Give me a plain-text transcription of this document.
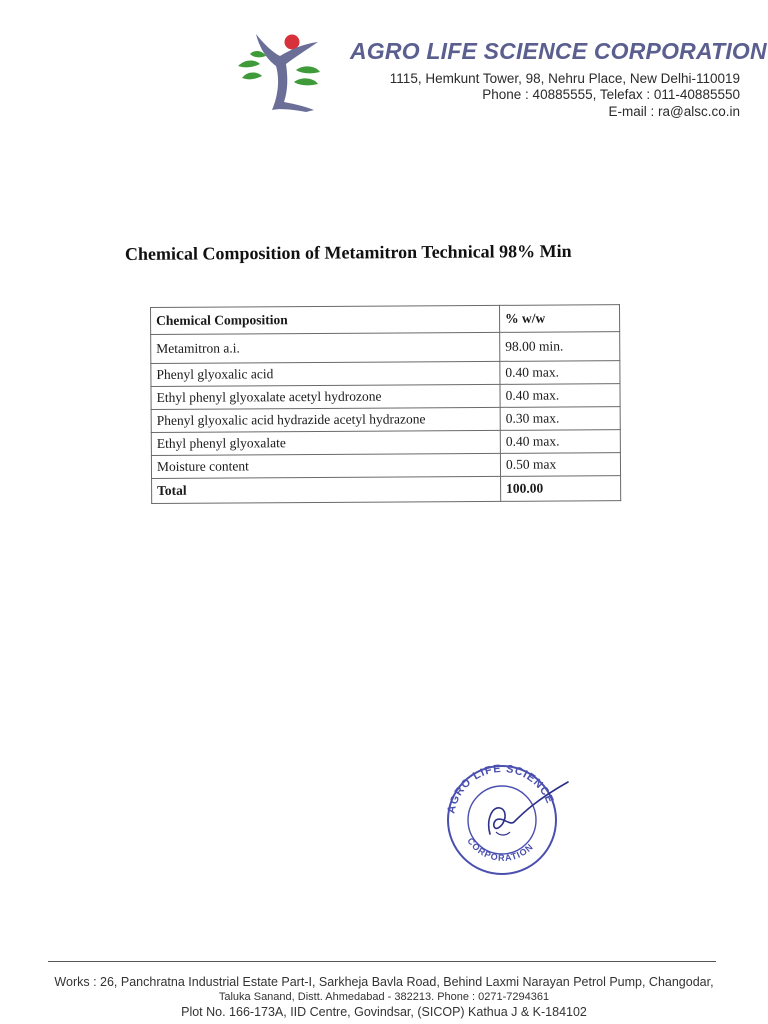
AGRO LIFE SCIENCE CORPORATION
1115, Hemkunt Tower, 98, Nehru Place, New Delhi-110019
Phone : 40885555, Telefax : 011-40885550
E-mail : ra@alsc.co.in
Chemical Composition of Metamitron Technical 98% Min
Chemical Composition	% w/w
Metamitron a.i.	98.00 min.
Phenyl glyoxalic acid	0.40 max.
Ethyl phenyl glyoxalate acetyl hydrozone	0.40 max.
Phenyl glyoxalic acid hydrazide acetyl hydrazone	0.30 max.
Ethyl phenyl glyoxalate	0.40 max.
Moisture content	0.50 max
Total	100.00
AGRO LIFE SCIENCE
CORPORATION
Works : 26, Panchratna Industrial Estate Part-I, Sarkheja Bavla Road, Behind Laxmi Narayan Petrol Pump, Changodar,
Taluka Sanand, Distt. Ahmedabad - 382213. Phone : 0271-7294361
Plot No. 166-173A, IID Centre, Govindsar, (SICOP) Kathua J & K-184102
